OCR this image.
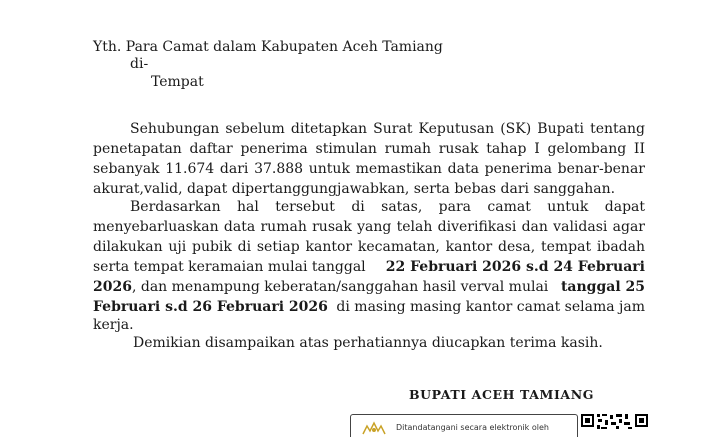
Yth. Para Camat dalam Kabupaten Aceh Tamiang
di-
Tempat
Sehubungan sebelum ditetapkan Surat Keputusan (SK) Bupati tentang
penetapatan daftar penerima stimulan rumah rusak tahap I gelombang II
sebanyak 11.674 dari 37.888 untuk memastikan data penerima benar-benar
akurat,valid, dapat dipertanggungjawabkan, serta bebas dari sanggahan.
Berdasarkan hal tersebut di satas, para camat untuk dapat
menyebarluaskan data rumah rusak yang telah diverifikasi dan validasi agar
dilakukan uji pubik di setiap kantor kecamatan, kantor desa, tempat ibadah
serta tempat keramaian mulai tanggal 22 Februari 2026 s.d 24 Februari
2026, dan menampung keberatan/sanggahan hasil verval mulai tanggal 25
Februari s.d 26 Februari 2026 di masing masing kantor camat selama jam
kerja.
Demikian disampaikan atas perhatiannya diucapkan terima kasih.
BUPATI ACEH TAMIANG
Ditandatangani secara elektronik oleh
